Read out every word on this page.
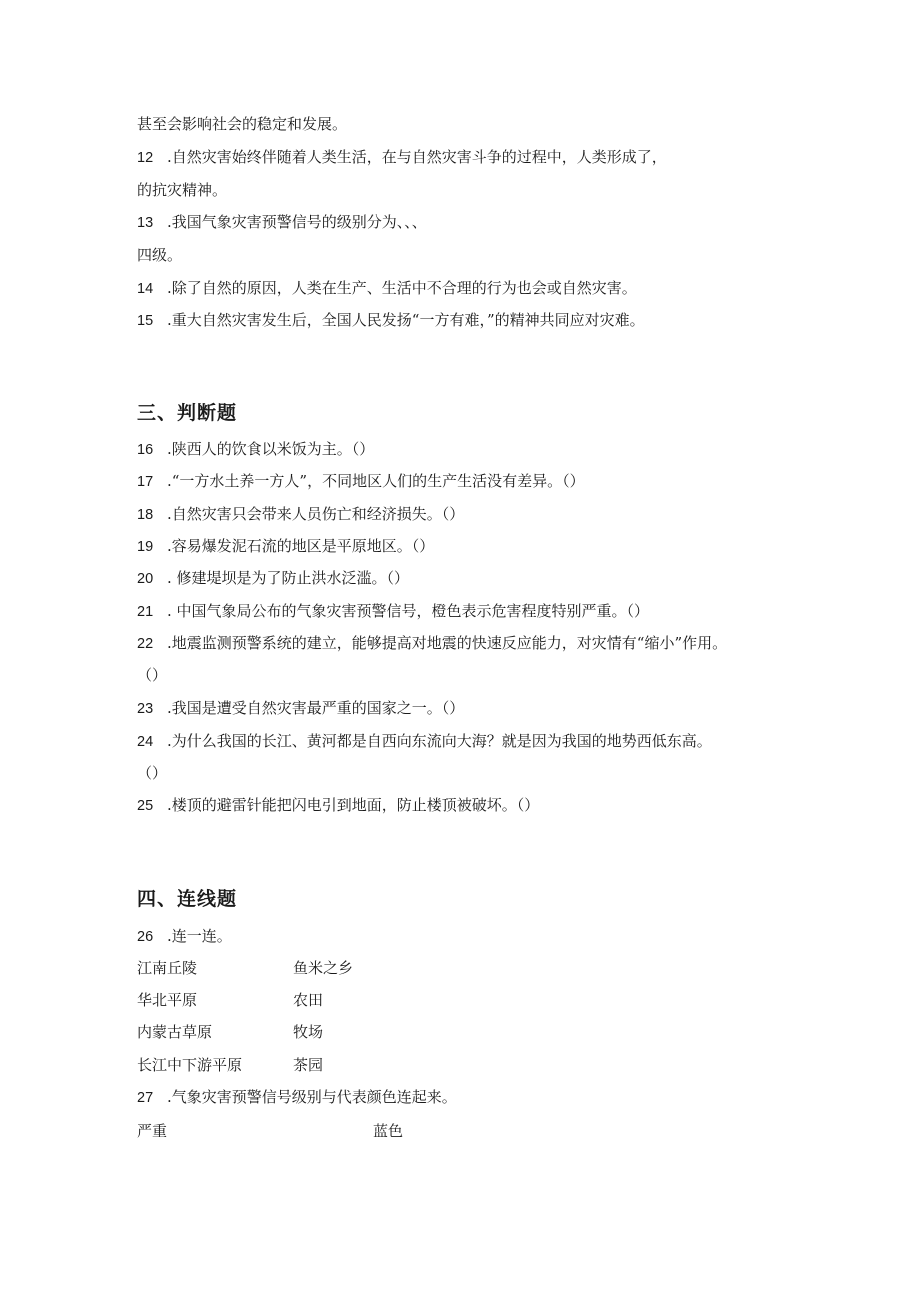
甚至会影响社会的稳定和发展。
12 .自然灾害始终伴随着人类生活，在与自然灾害斗争的过程中，人类形成了，
的抗灾精神。
13 .我国气象灾害预警信号的级别分为、、、
四级。
14 .除了自然的原因，人类在生产、生活中不合理的行为也会或自然灾害。
15 .重大自然灾害发生后，全国人民发扬“一方有难，”的精神共同应对灾难。
三、判断题
16 .陕西人的饮食以米饭为主。（）
17 .“一方水土养一方人”，不同地区人们的生产生活没有差异。（）
18 .自然灾害只会带来人员伤亡和经济损失。（）
19 .容易爆发泥石流的地区是平原地区。（）
20 . 修建堤坝是为了防止洪水泛滥。（）
21 . 中国气象局公布的气象灾害预警信号，橙色表示危害程度特别严重。（）
22 .地震监测预警系统的建立，能够提高对地震的快速反应能力，对灾情有“缩小”作用。
（）
23 .我国是遭受自然灾害最严重的国家之一。（）
24 .为什么我国的长江、黄河都是自西向东流向大海？就是因为我国的地势西低东高。
（）
25 .楼顶的避雷针能把闪电引到地面，防止楼顶被破坏。（）
四、连线题
26 .连一连。
江南丘陵	鱼米之乡
华北平原	农田
内蒙古草原	牧场
长江中下游平原	茶园
27 .气象灾害预警信号级别与代表颜色连起来。
严重	蓝色
